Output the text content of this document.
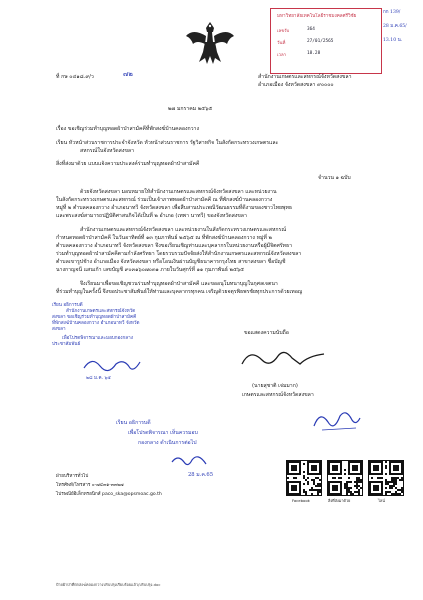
มหาวิทยาลัยเทคโนโลยีราชมงคลศรีวิชัย
เลขรับ	364
วันที่	27/01/2565
เวลา	18.28
กก 139/
28 ม.ค.65/
13.10 น.
ที่ กษ ๐๔๑๘.๙/ว	๗๒	สำนักงานเกษตรและสหกรณ์จังหวัดสงขลา
อำเภอเมือง จังหวัดสงขลา ๙๐๐๐๐
๒๗ มกราคม ๒๕๖๕
เรื่อง ขอเชิญร่วมทำบุญทอดผ้าป่าสามัคคีที่พักสงฆ์บ้านคลองกวาง
เรียน หัวหน้าส่วนราชการประจำจังหวัด หัวหน้าส่วนราชการ รัฐวิสาหกิจ ในสังกัดกระทรวงเกษตรและ
สหกรณ์ในจังหวัดสงขลา
สิ่งที่ส่งมาด้วย แบบแจ้งความประสงค์ร่วมทำบุญทอดผ้าป่าสามัคคี
จำนวน ๑ ฉบับ
ด้วยจังหวัดสงขลา มอบหมายให้สำนักงานเกษตรและสหกรณ์จังหวัดสงขลา และหน่วยงาน
ในสังกัดกระทรวงเกษตรและสหกรณ์ ร่วมเป็นเจ้าภาพทอดผ้าป่าสามัคคี ณ ที่พักสงฆ์บ้านคลองกวาง
หมู่ที่ ๒ ตำบลคลองกวาง อำเภอนาทวี จังหวัดสงขลา เพื่อสืบสานประเพณีวัฒนธรรมที่ดีงามของชาวไทยพุทธ
และพระสงฆ์สามารถปฏิบัติศาสนกิจได้เป็นที่ ๒ อำเภอ (เทพา นาทวี) ของจังหวัดสงขลา
สำนักงานเกษตรและสหกรณ์จังหวัดสงขลา และหน่วยงานในสังกัดกระทรวงเกษตรและสหกรณ์
กำหนดทอดผ้าป่าสามัคคี ในวันอาทิตย์ที่ ๑๓ กุมภาพันธ์ ๒๕๖๕ ณ ที่พักสงฆ์บ้านคลองกวาง หมู่ที่ ๒
ตำบลคลองกวาง อำเภอนาทวี จังหวัดสงขลา จึงขอเรียนเชิญท่านและบุคลากรในหน่วยงานหรือผู้มีจิตศรัทธา
ร่วมทำบุญทอดผ้าป่าสามัคคีตามกำลังศรัทธา โดยรวบรวมปัจจัยส่งให้สำนักงานเกษตรและสหกรณ์จังหวัดสงขลา
ตำบลเขารูปช้าง อำเภอเมือง จังหวัดสงขลา หรือโอนเงินผ่านบัญชีธนาคารกรุงไทย สาขาสงขลา ชื่อบัญชี
นางกาญจนี แสนเก้า เลขบัญชี ๙๐๓๑๖๐๗๐๓๑ ภายในวันศุกร์ที่ ๑๑ กุมภาพันธ์ ๒๕๖๕
จึงเรียนมาเพื่อขอเชิญชวนร่วมทำบุญทอดผ้าป่าสามัคคี และขออนุโมทนาบุญในกุศลเจตนา
ที่ร่วมทำบุญในครั้งนี้ จึงขอประชาสัมพันธ์ให้ท่านและบุคลากรทุกคน เจริญด้วยจตุรพิธพรชัยทุกประการด้วยเทอญ
เรียน อธิการบดี
สำนักงานเกษตรและสหกรณ์จังหวัด
สงขลา ขอเชิญร่วมทำบุญทอดผ้าป่าสามัคคี
ที่พักสงฆ์บ้านคลองกวาง อำเภอนาทวี จังหวัด
สงขลา
เพื่อโปรดพิจารณาและมอบกองกลาง
ประชาสัมพันธ์
๒๘ ม.ค. ๖๕
ขอแสดงความนับถือ
(นายสุชาติ เจ่มมาก)
เกษตรและสหกรณ์จังหวัดสงขลา
เรียน อธิการบดี
เพื่อโปรดพิจารณา เห็นควรมอบ
กองกลาง ดำเนินการต่อไป
28 ม.ค.65
ฝ่ายบริหารทั่วไป
โทรศัพท์/โทรสาร ๐-๗๔๓๑-๓๓๒๗
ไปรษณีย์อิเล็กทรอนิกส์ paco_ska@opsmoac.go.th
Facebook	สิ่งที่ส่งมาด้วย	ไลน์
ป้ายผ้าป่าที่พักสงฆ์คลองกวางปรับปรุงเรียบร้อยแล้ว/ปรับปรุง.doc
